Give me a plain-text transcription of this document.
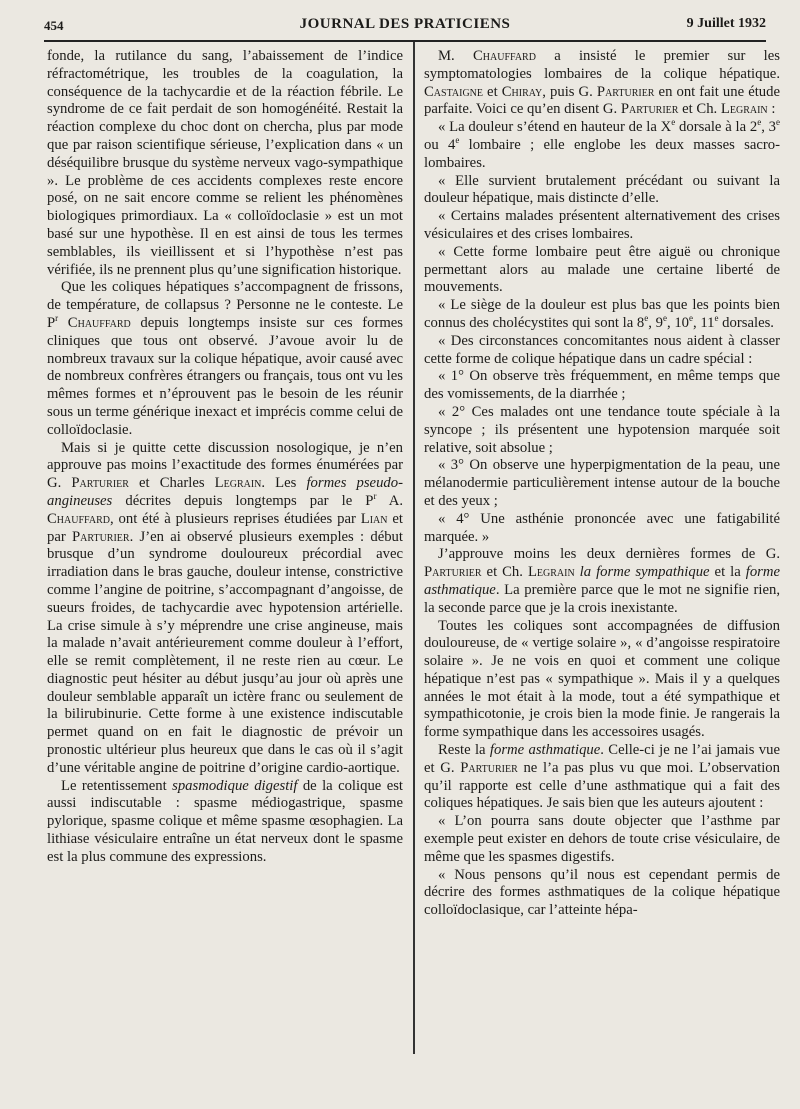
454	JOURNAL DES PRATICIENS	9 Juillet 1932

fonde, la rutilance du sang, l’abaissement de l’indice réfractométrique, les troubles de la coagulation, la conséquence de la tachycardie et de la réaction fébrile. Le syndrome de ce fait perdait de son homogénéité. Restait la réaction complexe du choc dont on chercha, plus par mode que par raison scientifique sérieuse, l’explication dans « un déséquilibre brusque du système nerveux vago-sympathique ». Le problème de ces accidents complexes reste encore posé, on ne sait encore comme se relient les phénomènes biologiques primordiaux. La « colloïdoclasie » est un mot basé sur une hypothèse. Il en est ainsi de tous les termes semblables, ils vieillissent et si l’hypothèse n’est pas vérifiée, ils ne prennent plus qu’une signification historique.

Que les coliques hépatiques s’accompagnent de frissons, de température, de collapsus ? Personne ne le conteste. Le $P^r$ Chauffard depuis longtemps insiste sur ces formes cliniques que tous ont observé. J’avoue avoir lu de nombreux travaux sur la colique hépatique, avoir causé avec de nombreux confrères étrangers ou français, tous ont vu les mêmes formes et n’éprouvent pas le besoin de les réunir sous un terme générique inexact et imprécis comme celui de colloïdoclasie.

Mais si je quitte cette discussion nosologique, je n’en approuve pas moins l’exactitude des formes énumérées par G. Parturier et Charles Legrain. Les formes pseudo-angineuses décrites depuis longtemps par le $P^r$ A. Chauffard, ont été à plusieurs reprises étudiées par Lian et par Parturier. J’en ai observé plusieurs exemples : début brusque d’un syndrome douloureux précordial avec irradiation dans le bras gauche, douleur intense, constrictive comme l’angine de poitrine, s’accompagnant d’angoisse, de sueurs froides, de tachycardie avec hypotension artérielle. La crise simule à s’y méprendre une crise angineuse, mais la malade n’avait antérieurement comme douleur à l’effort, elle se remit complètement, il ne reste rien au cœur. Le diagnostic peut hésiter au début jusqu’au jour où après une douleur semblable apparaît un ictère franc ou seulement de la bilirubinurie. Cette forme à une existence indiscutable permet quand on en fait le diagnostic de prévoir un pronostic ultérieur plus heureux que dans le cas où il s’agit d’une véritable angine de poitrine d’origine cardio-aortique.

Le retentissement spasmodique digestif de la colique est aussi indiscutable : spasme médiogastrique, spasme pylorique, spasme colique et même spasme œsophagien. La lithiase vésiculaire entraîne un état nerveux dont le spasme est la plus commune des expressions.

M. Chauffard a insisté le premier sur les symptomatologies lombaires de la colique hépatique. Castaigne et Chiray, puis G. Parturier en ont fait une étude parfaite. Voici ce qu’en disent G. Parturier et Ch. Legrain :

« La douleur s’étend en hauteur de la Xe dorsale à la 2e, 3e ou 4e lombaire ; elle englobe les deux masses sacro-lombaires.

« Elle survient brutalement précédant ou suivant la douleur hépatique, mais distincte d’elle.

« Certains malades présentent alternativement des crises vésiculaires et des crises lombaires.

« Cette forme lombaire peut être aiguë ou chronique permettant alors au malade une certaine liberté de mouvements.

« Le siège de la douleur est plus bas que les points bien connus des cholécystites qui sont la 8e, 9e, 10e, 11e dorsales.

« Des circonstances concomitantes nous aident à classer cette forme de colique hépatique dans un cadre spécial :

« 1° On observe très fréquemment, en même temps que des vomissements, de la diarrhée ;

« 2° Ces malades ont une tendance toute spéciale à la syncope ; ils présentent une hypotension marquée soit relative, soit absolue ;

« 3° On observe une hyperpigmentation de la peau, une mélanodermie particulièrement intense autour de la bouche et des yeux ;

« 4° Une asthénie prononcée avec une fatigabilité marquée. »

J’approuve moins les deux dernières formes de G. Parturier et Ch. Legrain la forme sympathique et la forme asthmatique. La première parce que le mot ne signifie rien, la seconde parce que je la crois inexistante.

Toutes les coliques sont accompagnées de diffusion douloureuse, de « vertige solaire », « d’angoisse respiratoire solaire ». Je ne vois en quoi et comment une colique hépatique n’est pas « sympathique ». Mais il y a quelques années le mot était à la mode, tout a été sympathique et sympathicotonie, je crois bien la mode finie. Je rangerais la forme sympathique dans les accessoires usagés.

Reste la forme asthmatique. Celle-ci je ne l’ai jamais vue et G. Parturier ne l’a pas plus vu que moi. L’observation qu’il rapporte est celle d’une asthmatique qui a fait des coliques hépatiques. Je sais bien que les auteurs ajoutent :

« L’on pourra sans doute objecter que l’asthme par exemple peut exister en dehors de toute crise vésiculaire, de même que les spasmes digestifs.

« Nous pensons qu’il nous est cependant permis de décrire des formes asthmatiques de la colique hépatique colloïdoclasique, car l’atteinte hépa-
